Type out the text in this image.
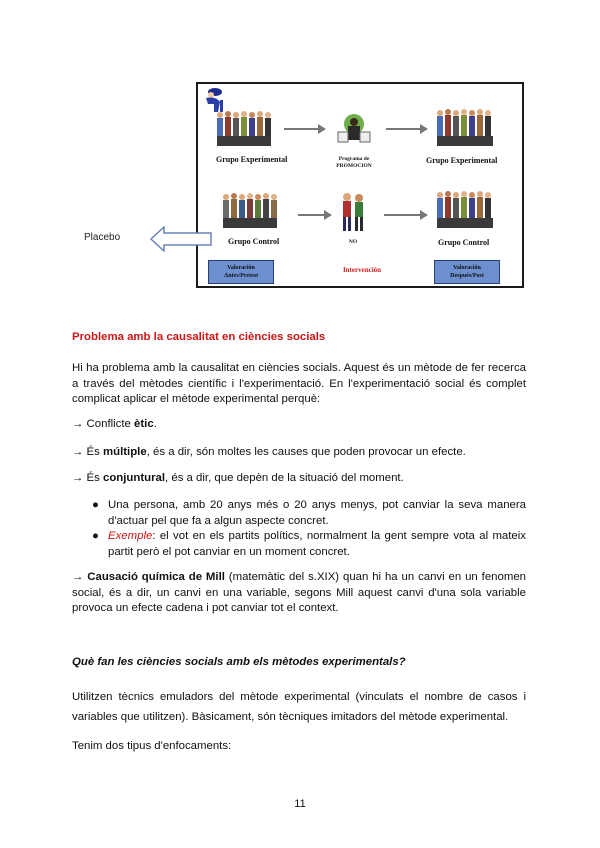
Grupo Experimental	Programa de
PROMOCION
Grupo Experimental
Grupo Control	NO	Grupo Control
Valoración
Antes/Pretest
Intervención	Valoración
Después/Post
Placebo
Problema amb la causalitat en ciències socials
Hi ha problema amb la causalitat en ciències socials. Aquest és un mètode de fer recerca a través del mètodes científic i l'experimentació. En l'experimentació social és complet complicat aplicar el mètode experimental perquè:
→ Conflicte ètic.
→ És múltiple, és a dir, són moltes les causes que poden provocar un efecte.
→ És conjuntural, és a dir, que depèn de la situació del moment.
● Una persona, amb 20 anys més o 20 anys menys, pot canviar la seva manera d'actuar pel que fa a algun aspecte concret.
● Exemple: el vot en els partits polítics, normalment la gent sempre vota al mateix partit però el pot canviar en un moment concret.
→ Causació química de Mill (matemàtic del s.XIX) quan hi ha un canvi en un fenomen social, és a dir, un canvi en una variable, segons Mill aquest canvi d'una sola variable provoca un efecte cadena i pot canviar tot el context.
Què fan les ciències socials amb els mètodes experimentals?
Utilitzen tècnics emuladors del mètode experimental (vinculats el nombre de casos i variables que utilitzen). Bàsicament, són tècniques imitadors del mètode experimental.
Tenim dos tipus d'enfocaments:
11
